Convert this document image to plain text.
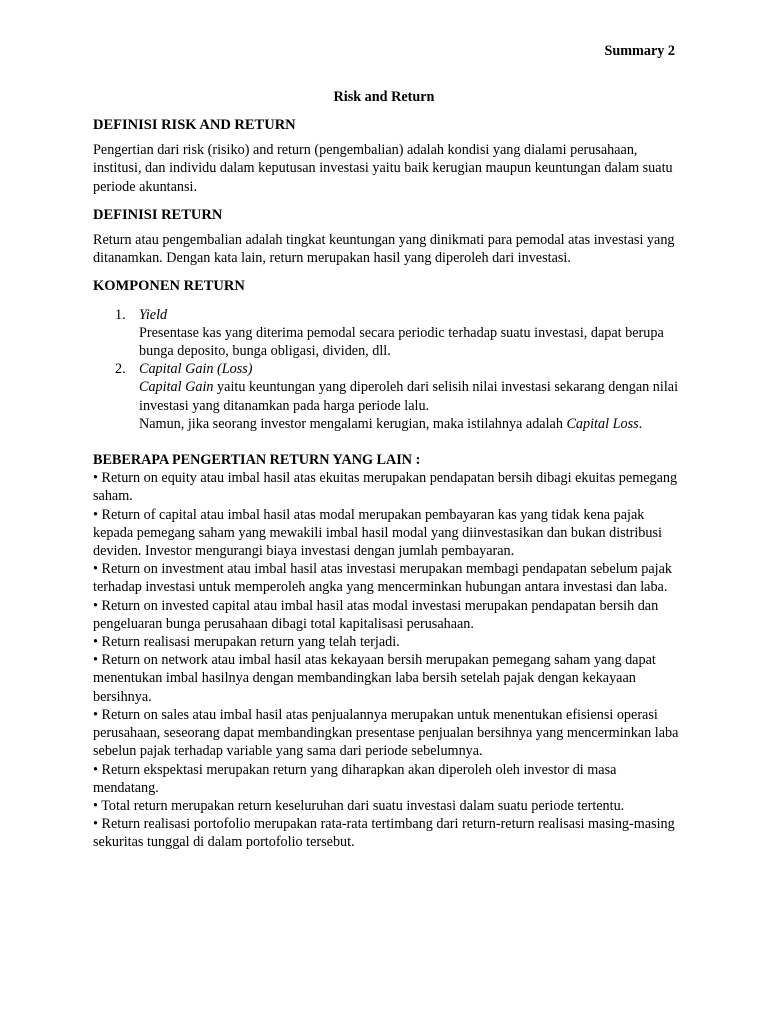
Summary 2
Risk and Return
DEFINISI RISK AND RETURN

Pengertian dari risk (risiko) and return (pengembalian) adalah kondisi yang dialami perusahaan, institusi, dan individu dalam keputusan investasi yaitu baik kerugian maupun keuntungan dalam suatu periode akuntansi.

DEFINISI RETURN

Return atau pengembalian adalah tingkat keuntungan yang dinikmati para pemodal atas investasi yang ditanamkan. Dengan kata lain, return merupakan hasil yang diperoleh dari investasi.

KOMPONEN RETURN
1. Yield
Presentase kas yang diterima pemodal secara periodic terhadap suatu investasi, dapat berupa bunga deposito, bunga obligasi, dividen, dll.
2. Capital Gain (Loss)
Capital Gain yaitu keuntungan yang diperoleh dari selisih nilai investasi sekarang dengan nilai investasi yang ditanamkan pada harga periode lalu.
Namun, jika seorang investor mengalami kerugian, maka istilahnya adalah Capital Loss.
BEBERAPA PENGERTIAN RETURN YANG LAIN :
• Return on equity atau imbal hasil atas ekuitas merupakan pendapatan bersih dibagi ekuitas pemegang saham.
• Return of capital atau imbal hasil atas modal merupakan pembayaran kas yang tidak kena pajak kepada pemegang saham yang mewakili imbal hasil modal yang diinvestasikan dan bukan distribusi deviden. Investor mengurangi biaya investasi dengan jumlah pembayaran.
• Return on investment atau imbal hasil atas investasi merupakan membagi pendapatan sebelum pajak terhadap investasi untuk memperoleh angka yang mencerminkan hubungan antara investasi dan laba.
• Return on invested capital atau imbal hasil atas modal investasi merupakan pendapatan bersih dan pengeluaran bunga perusahaan dibagi total kapitalisasi perusahaan.
• Return realisasi merupakan return yang telah terjadi.
• Return on network atau imbal hasil atas kekayaan bersih merupakan pemegang saham yang dapat menentukan imbal hasilnya dengan membandingkan laba bersih setelah pajak dengan kekayaan bersihnya.
• Return on sales atau imbal hasil atas penjualannya merupakan untuk menentukan efisiensi operasi perusahaan, seseorang dapat membandingkan presentase penjualan bersihnya yang mencerminkan laba sebelun pajak terhadap variable yang sama dari periode sebelumnya.
• Return ekspektasi merupakan return yang diharapkan akan diperoleh oleh investor di masa mendatang.
• Total return merupakan return keseluruhan dari suatu investasi dalam suatu periode tertentu.
• Return realisasi portofolio merupakan rata-rata tertimbang dari return-return realisasi masing-masing sekuritas tunggal di dalam portofolio tersebut.
